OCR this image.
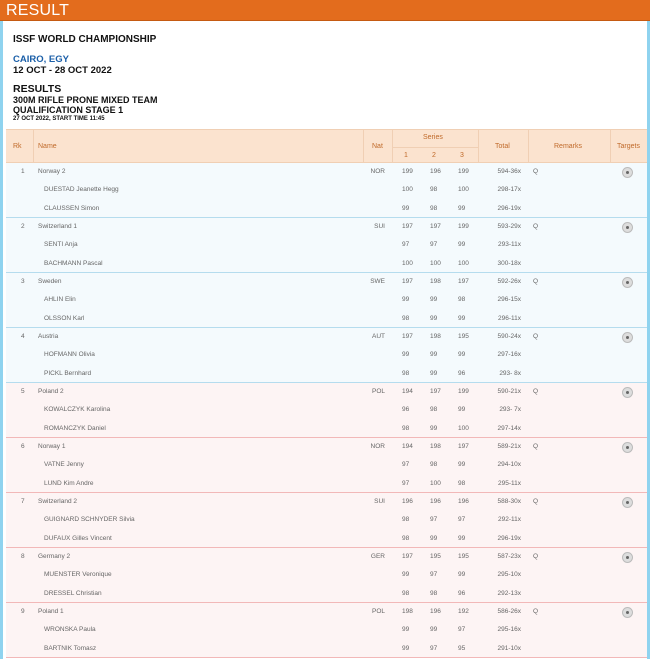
RESULT
ISSF WORLD CHAMPIONSHIP
CAIRO, EGY
12 OCT - 28 OCT 2022
RESULTS
300M RIFLE PRONE MIXED TEAM
QUALIFICATION STAGE 1
27 OCT 2022, START TIME 11:45
Rk Name	Nat
Series
1	2	3
Total	Remarks	Targets
1 Norway 2	NOR	199	196	199	594-36x Q
DUESTAD Jeanette Hegg	100	98	100	298-17x
CLAUSSEN Simon	99	98	99	296-19x
2 Switzerland 1	SUI	197	197	199	593-29x Q
SENTI Anja	97	97	99	293-11x
BACHMANN Pascal	100	100	100	300-18x
3 Sweden	SWE	197	198	197	592-26x Q
AHLIN Elin	99	99	98	296-15x
OLSSON Karl	98	99	99	296-11x
4 Austria	AUT	197	198	195	590-24x Q
HOFMANN Olivia	99	99	99	297-16x
PICKL Bernhard	98	99	96	293- 8x
5 Poland 2	POL	194	197	199	590-21x Q
KOWALCZYK Karolina	96	98	99	293- 7x
ROMANCZYK Daniel	98	99	100	297-14x
6 Norway 1	NOR	194	198	197	589-21x Q
VATNE Jenny	97	98	99	294-10x
LUND Kim Andre	97	100	98	295-11x
7 Switzerland 2	SUI	196	196	196	588-30x Q
GUIGNARD SCHNYDER Silvia	98	97	97	292-11x
DUFAUX Gilles Vincent	98	99	99	296-19x
8 Germany 2	GER	197	195	195	587-23x Q
MUENSTER Veronique	99	97	99	295-10x
DRESSEL Christian	98	98	96	292-13x
9 Poland 1	POL	198	196	192	586-26x Q
WRONSKA Paula	99	99	97	295-16x
BARTNIK Tomasz	99	97	95	291-10x
